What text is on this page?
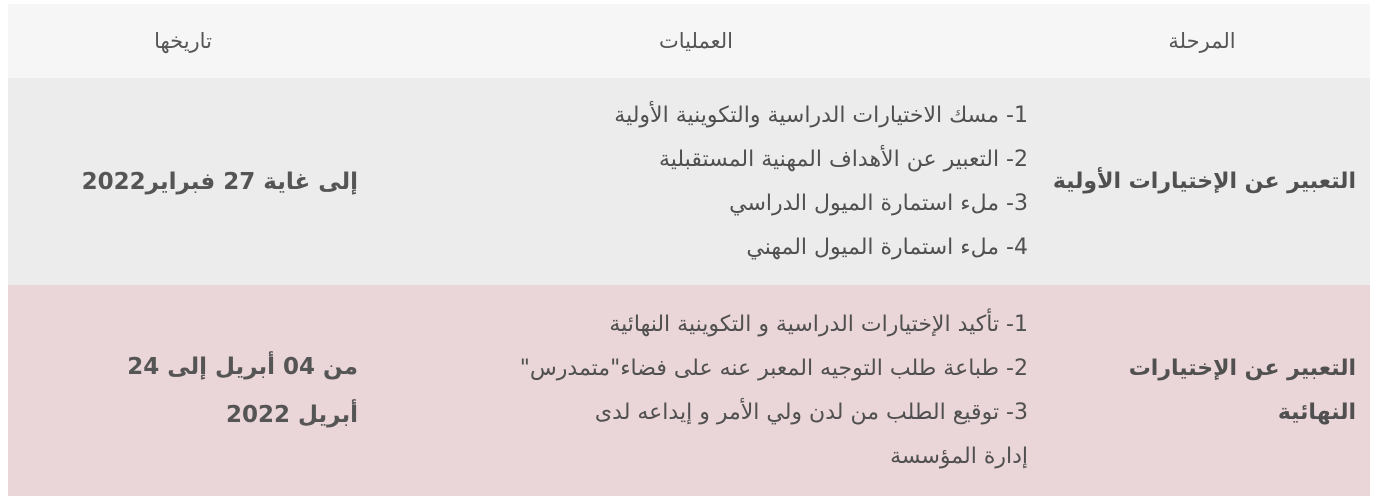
المرحلة
العمليات
تاريخها
التعبير عن الإختيارات الأولية
1- مسك الاختيارات الدراسية والتكوينية الأولية
2- التعبير عن الأهداف المهنية المستقبلية
3- ملء استمارة الميول الدراسي
4- ملء استمارة الميول المهني
إلى غاية 27 فبراير2022
التعبير عن الإختيارات النهائية
1- تأكيد الإختيارات الدراسية و التكوينية النهائية
2- طباعة طلب التوجيه المعبر عنه على فضاء"متمدرس"
3- توقيع الطلب من لدن ولي الأمر و إيداعه لدى إدارة المؤسسة
من 04 أبريل إلى 24 أبريل 2022
